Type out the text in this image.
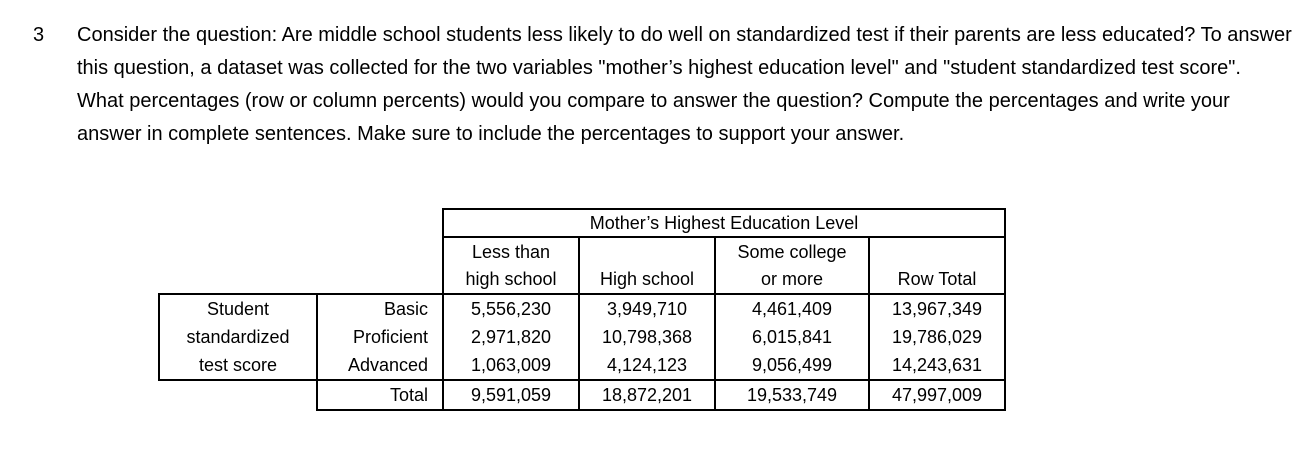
3 Consider the question: Are middle school students less likely to do well on standardized test if their parents are less educated? To answer this question, a dataset was collected for the two variables "mother’s highest education level" and "student standardized test score". What percentages (row or column percents) would you compare to answer the question? Compute the percentages and write your answer in complete sentences. Make sure to include the percentages to support your answer.

		Mother’s Highest Education Level			
		Less than		Some college	
		high school	High school	or more	Row Total
Student	Basic	5,556,230	3,949,710	4,461,409	13,967,349
standardized	Proficient	2,971,820	10,798,368	6,015,841	19,786,029
test score	Advanced	1,063,009	4,124,123	9,056,499	14,243,631
	Total	9,591,059	18,872,201	19,533,749	47,997,009
